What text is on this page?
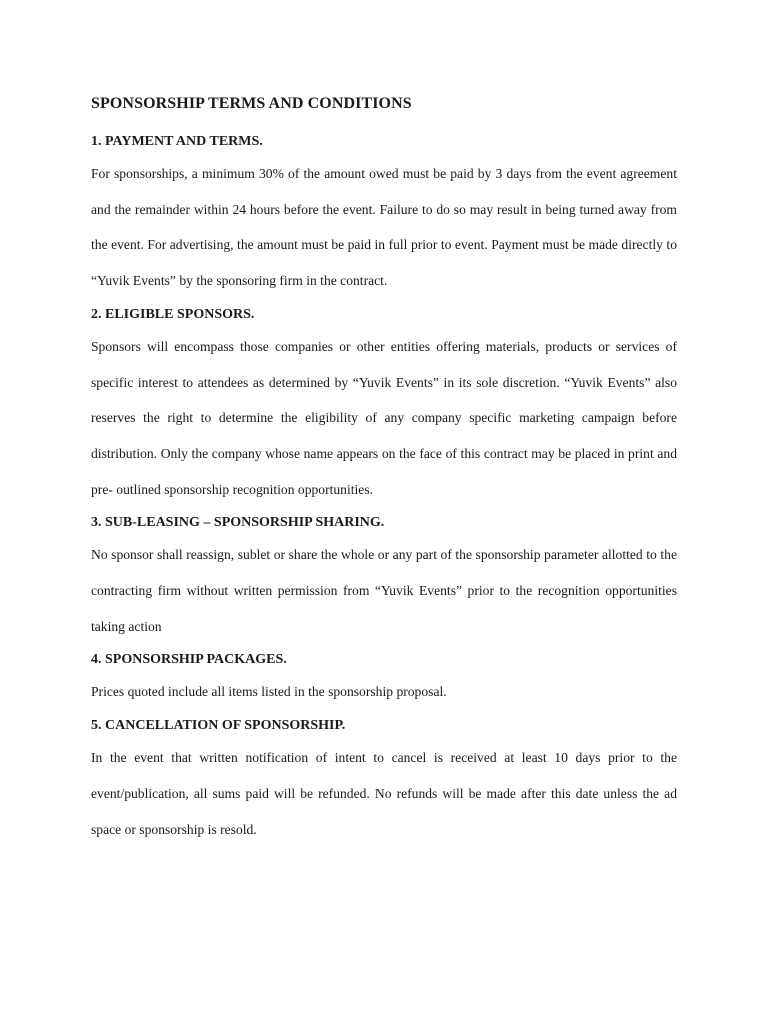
SPONSORSHIP TERMS AND CONDITIONS
1. PAYMENT AND TERMS.

For sponsorships, a minimum 30% of the amount owed must be paid by 3 days from the event agreement and the remainder within 24 hours before the event. Failure to do so may result in being turned away from the event. For advertising, the amount must be paid in full prior to event. Payment must be made directly to “Yuvik Events” by the sponsoring firm in the contract.

2. ELIGIBLE SPONSORS.

Sponsors will encompass those companies or other entities offering materials, products or services of specific interest to attendees as determined by “Yuvik Events” in its sole discretion. “Yuvik Events” also reserves the right to determine the eligibility of any company specific marketing campaign before distribution. Only the company whose name appears on the face of this contract may be placed in print and pre- outlined sponsorship recognition opportunities.

3. SUB-LEASING – SPONSORSHIP SHARING.

No sponsor shall reassign, sublet or share the whole or any part of the sponsorship parameter allotted to the contracting firm without written permission from “Yuvik Events” prior to the recognition opportunities taking action

4. SPONSORSHIP PACKAGES.

Prices quoted include all items listed in the sponsorship proposal.

5. CANCELLATION OF SPONSORSHIP.

In the event that written notification of intent to cancel is received at least 10 days prior to the event/publication, all sums paid will be refunded. No refunds will be made after this date unless the ad space or sponsorship is resold.
